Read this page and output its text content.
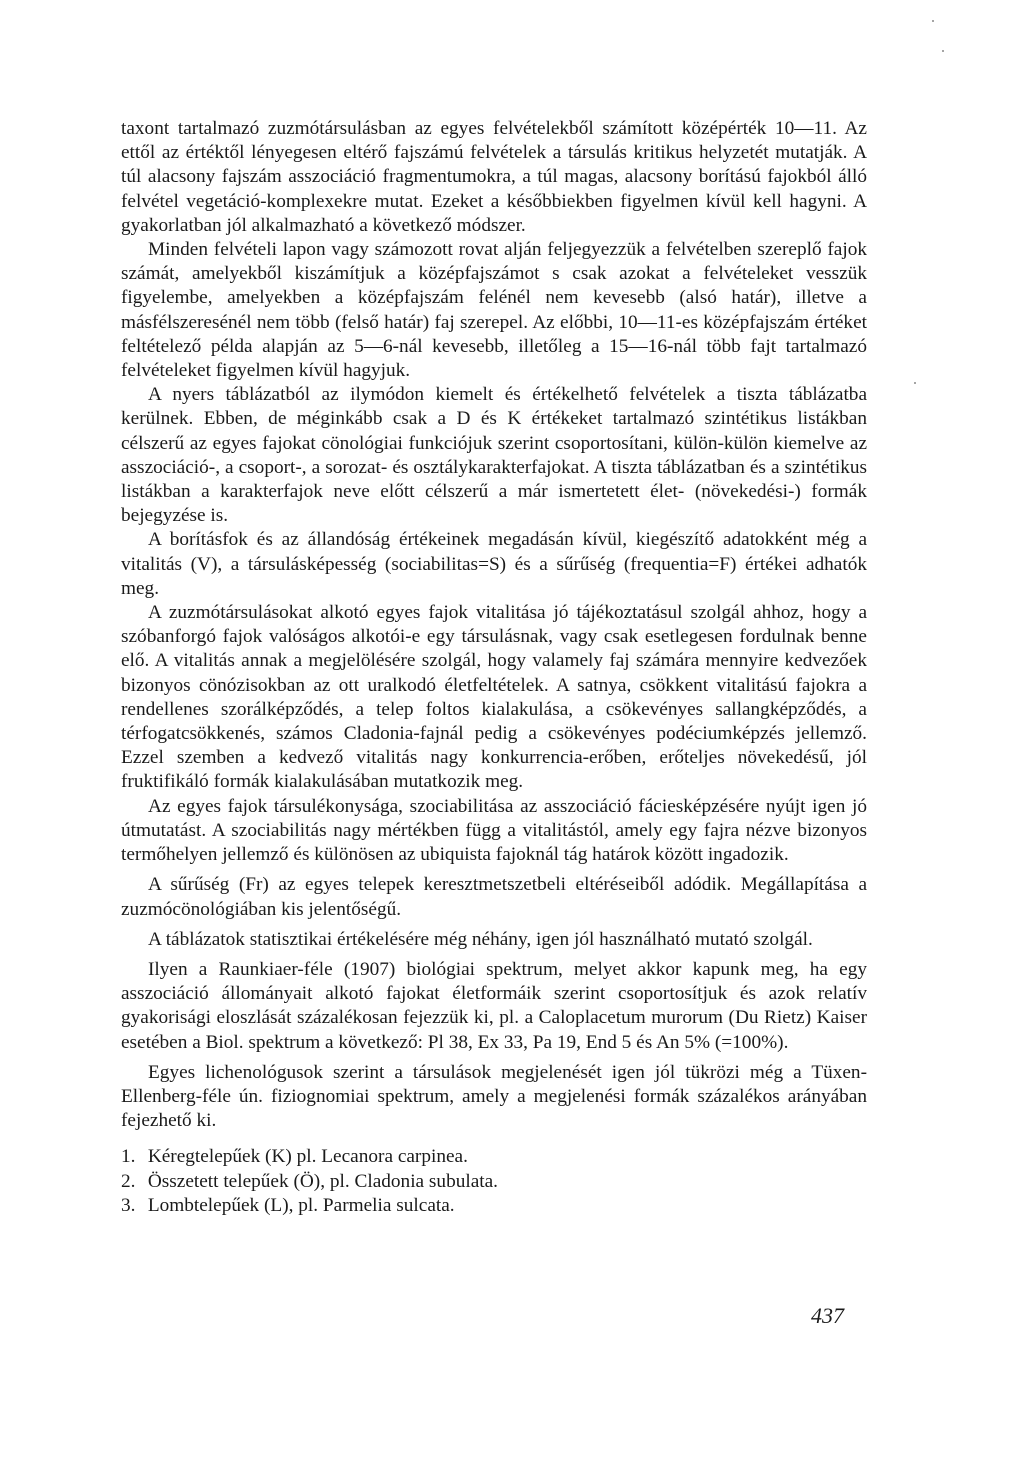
taxont tartalmazó zuzmótársulásban az egyes felvételekből számított középérték 10—11. Az ettől az értéktől lényegesen eltérő fajszámú felvételek a társulás kritikus helyzetét mutatják. A túl alacsony fajszám asszociáció fragmentumokra, a túl magas, alacsony borítású fajokból álló felvétel vegetáció-komplexekre mutat. Ezeket a későbbiekben figyelmen kívül kell hagyni. A gyakorlatban jól alkalmazható a következő módszer.

Minden felvételi lapon vagy számozott rovat alján feljegyezzük a felvételben szereplő fajok számát, amelyekből kiszámítjuk a középfajszámot s csak azokat a felvételeket vesszük figyelembe, amelyekben a középfajszám felénél nem kevesebb (alsó határ), illetve a másfélszeresénél nem több (felső határ) faj szerepel. Az előbbi, 10—11-es középfajszám értéket feltételező példa alapján az 5—6-nál kevesebb, illetőleg a 15—16-nál több fajt tartalmazó felvételeket figyelmen kívül hagyjuk.

A nyers táblázatból az ilymódon kiemelt és értékelhető felvételek a tiszta táblázatba kerülnek. Ebben, de méginkább csak a D és K értékeket tartalmazó szintétikus listákban célszerű az egyes fajokat cönológiai funkciójuk szerint csoportosítani, külön-külön kiemelve az asszociáció-, a csoport-, a sorozat- és osztálykarakterfajokat. A tiszta táblázatban és a szintétikus listákban a karakterfajok neve előtt célszerű a már ismertetett élet- (növekedési-) formák bejegyzése is.

A borításfok és az állandóság értékeinek megadásán kívül, kiegészítő adatokként még a vitalitás (V), a társulásképesség (sociabilitas=S) és a sűrűség (frequentia=F) értékei adhatók meg.

A zuzmótársulásokat alkotó egyes fajok vitalitása jó tájékoztatásul szolgál ahhoz, hogy a szóbanforgó fajok valóságos alkotói-e egy társulásnak, vagy csak esetlegesen fordulnak benne elő. A vitalitás annak a megjelölésére szolgál, hogy valamely faj számára mennyire kedvezőek bizonyos cönózisokban az ott uralkodó életfeltételek. A satnya, csökkent vitalitású fajokra a rendellenes szorálképződés, a telep foltos kialakulása, a csökevényes sallangképződés, a térfogatcsökkenés, számos Cladonia-fajnál pedig a csökevényes podéciumképzés jellemző. Ezzel szemben a kedvező vitalitás nagy konkurrencia-erőben, erőteljes növekedésű, jól fruktifikáló formák kialakulásában mutatkozik meg.

Az egyes fajok társulékonysága, szociabilitása az asszociáció fáciesképzésére nyújt igen jó útmutatást. A szociabilitás nagy mértékben függ a vitalitástól, amely egy fajra nézve bizonyos termőhelyen jellemző és különösen az ubiquista fajoknál tág határok között ingadozik.

A sűrűség (Fr) az egyes telepek keresztmetszetbeli eltéréseiből adódik. Megállapítása a zuzmócönológiában kis jelentőségű.

A táblázatok statisztikai értékelésére még néhány, igen jól használható mutató szolgál.

Ilyen a Raunkiaer-féle (1907) biológiai spektrum, melyet akkor kapunk meg, ha egy asszociáció állományait alkotó fajokat életformáik szerint csoportosítjuk és azok relatív gyakorisági eloszlását százalékosan fejezzük ki, pl. a Caloplacetum murorum (Du Rietz) Kaiser esetében a Biol. spektrum a következő: Pl 38, Ex 33, Pa 19, End 5 és An 5% (=100%).

Egyes lichenológusok szerint a társulások megjelenését igen jól tükrözi még a Tüxen-Ellenberg-féle ún. fiziognomiai spektrum, amely a megjelenési formák százalékos arányában fejezhető ki.

1. Kéregtelepűek (K) pl. Lecanora carpinea.
2. Összetett telepűek (Ö), pl. Cladonia subulata.
3. Lombtelepűek (L), pl. Parmelia sulcata.
437
